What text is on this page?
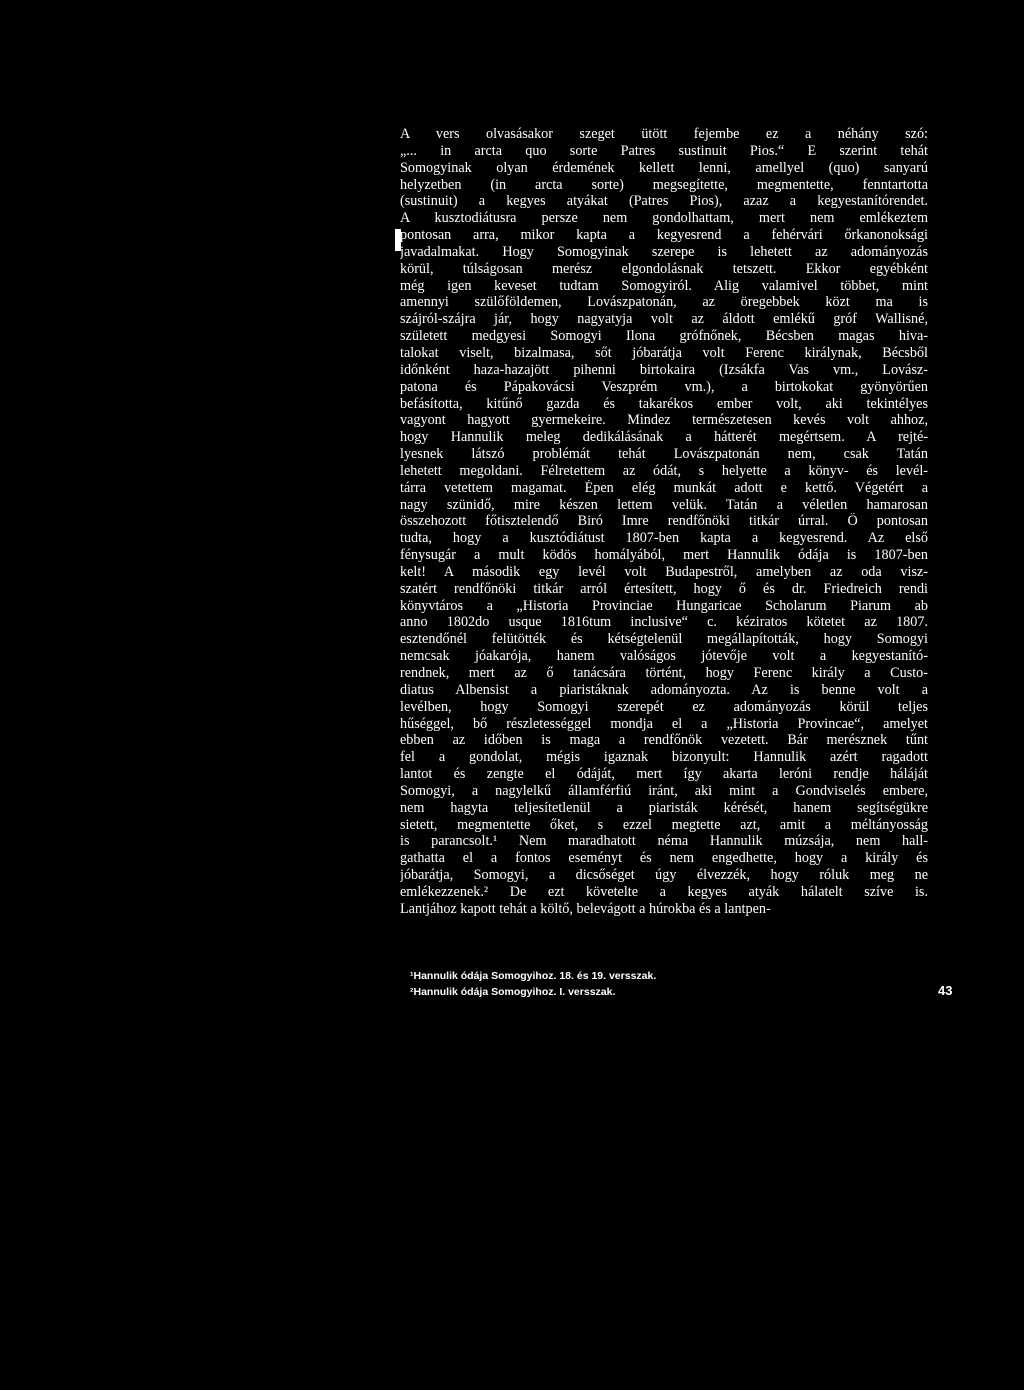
A vers olvasásakor szeget ütött fejembe ez a néhány szó:
„... in arcta quo sorte Patres sustinuit Pios.“ E szerint tehát
Somogyinak olyan érdemének kellett lenni, amellyel (quo) sanyarú
helyzetben (in arcta sorte) megsegítette, megmentette, fenntartotta
(sustinuit) a kegyes atyákat (Patres Pios), azaz a kegyestanítórendet.
A kusztodiátusra persze nem gondolhattam, mert nem emlékeztem
pontosan arra, mikor kapta a kegyesrend a fehérvári őrkanonoksági
javadalmakat. Hogy Somogyinak szerepe is lehetett az adományozás
körül, túlságosan merész elgondolásnak tetszett. Ekkor egyébként
még igen keveset tudtam Somogyiról. Alig valamivel többet, mint
amennyi szülőföldemen, Lovászpatonán, az öregebbek közt ma is
szájról-szájra jár, hogy nagyatyja volt az áldott emlékű gróf Wallisné,
született medgyesi Somogyi Ilona grófnőnek, Bécsben magas hiva-
talokat viselt, bizalmasa, sőt jóbarátja volt Ferenc királynak, Bécsből
időnként haza-hazajött pihenni birtokaira (Izsákfa Vas vm., Lovász-
patona és Pápakovácsi Veszprém vm.), a birtokokat gyönyörűen
befásította, kitűnő gazda és takarékos ember volt, aki tekintélyes
vagyont hagyott gyermekeire. Mindez természetesen kevés volt ahhoz,
hogy Hannulik meleg dedikálásának a hátterét megértsem. A rejté-
lyesnek látszó problémát tehát Lovászpatonán nem, csak Tatán
lehetett megoldani. Félretettem az ódát, s helyette a könyv- és levél-
tárra vetettem magamat. Épen elég munkát adott e kettő. Végetért a
nagy szünidő, mire készen lettem velük. Tatán a véletlen hamarosan
összehozott főtisztelendő Biró Imre rendfőnöki titkár úrral. Ő pontosan
tudta, hogy a kusztódiátust 1807-ben kapta a kegyesrend. Az első
fénysugár a mult ködös homályából, mert Hannulik ódája is 1807-ben
kelt! A második egy levél volt Budapestről, amelyben az oda visz-
szatért rendfőnöki titkár arról értesített, hogy ő és dr. Friedreich rendi
könyvtáros a „Historia Provinciae Hungaricae Scholarum Piarum ab
anno 1802do usque 1816tum inclusive“ c. kéziratos kötetet az 1807.
esztendőnél felütötték és kétségtelenül megállapították, hogy Somogyi
nemcsak jóakarója, hanem valóságos jótevője volt a kegyestanító-
rendnek, mert az ő tanácsára történt, hogy Ferenc király a Custo-
diatus Albensist a piaristáknak adományozta. Az is benne volt a
levélben, hogy Somogyi szerepét ez adományozás körül teljes
hűséggel, bő részletességgel mondja el a „Historia Provincae“, amelyet
ebben az időben is maga a rendfőnök vezetett. Bár merésznek tűnt
fel a gondolat, mégis igaznak bizonyult: Hannulik azért ragadott
lantot és zengte el ódáját, mert így akarta leróni rendje háláját
Somogyi, a nagylelkű államférfiú iránt, aki mint a Gondviselés embere,
nem hagyta teljesítetlenül a piaristák kérését, hanem segítségükre
sietett, megmentette őket, s ezzel megtette azt, amit a méltányosság
is parancsolt.¹ Nem maradhatott néma Hannulik múzsája, nem hall-
gathatta el a fontos eseményt és nem engedhette, hogy a király és
jóbarátja, Somogyi, a dicsőséget úgy élvezzék, hogy róluk meg ne
emlékezzenek.² De ezt követelte a kegyes atyák hálatelt szíve is.
Lantjához kapott tehát a költő, belevágott a húrokba és a lantpen-

¹Hannulik ódája Somogyihoz. 18. és 19. versszak.
²Hannulik ódája Somogyihoz. I. versszak.	43
